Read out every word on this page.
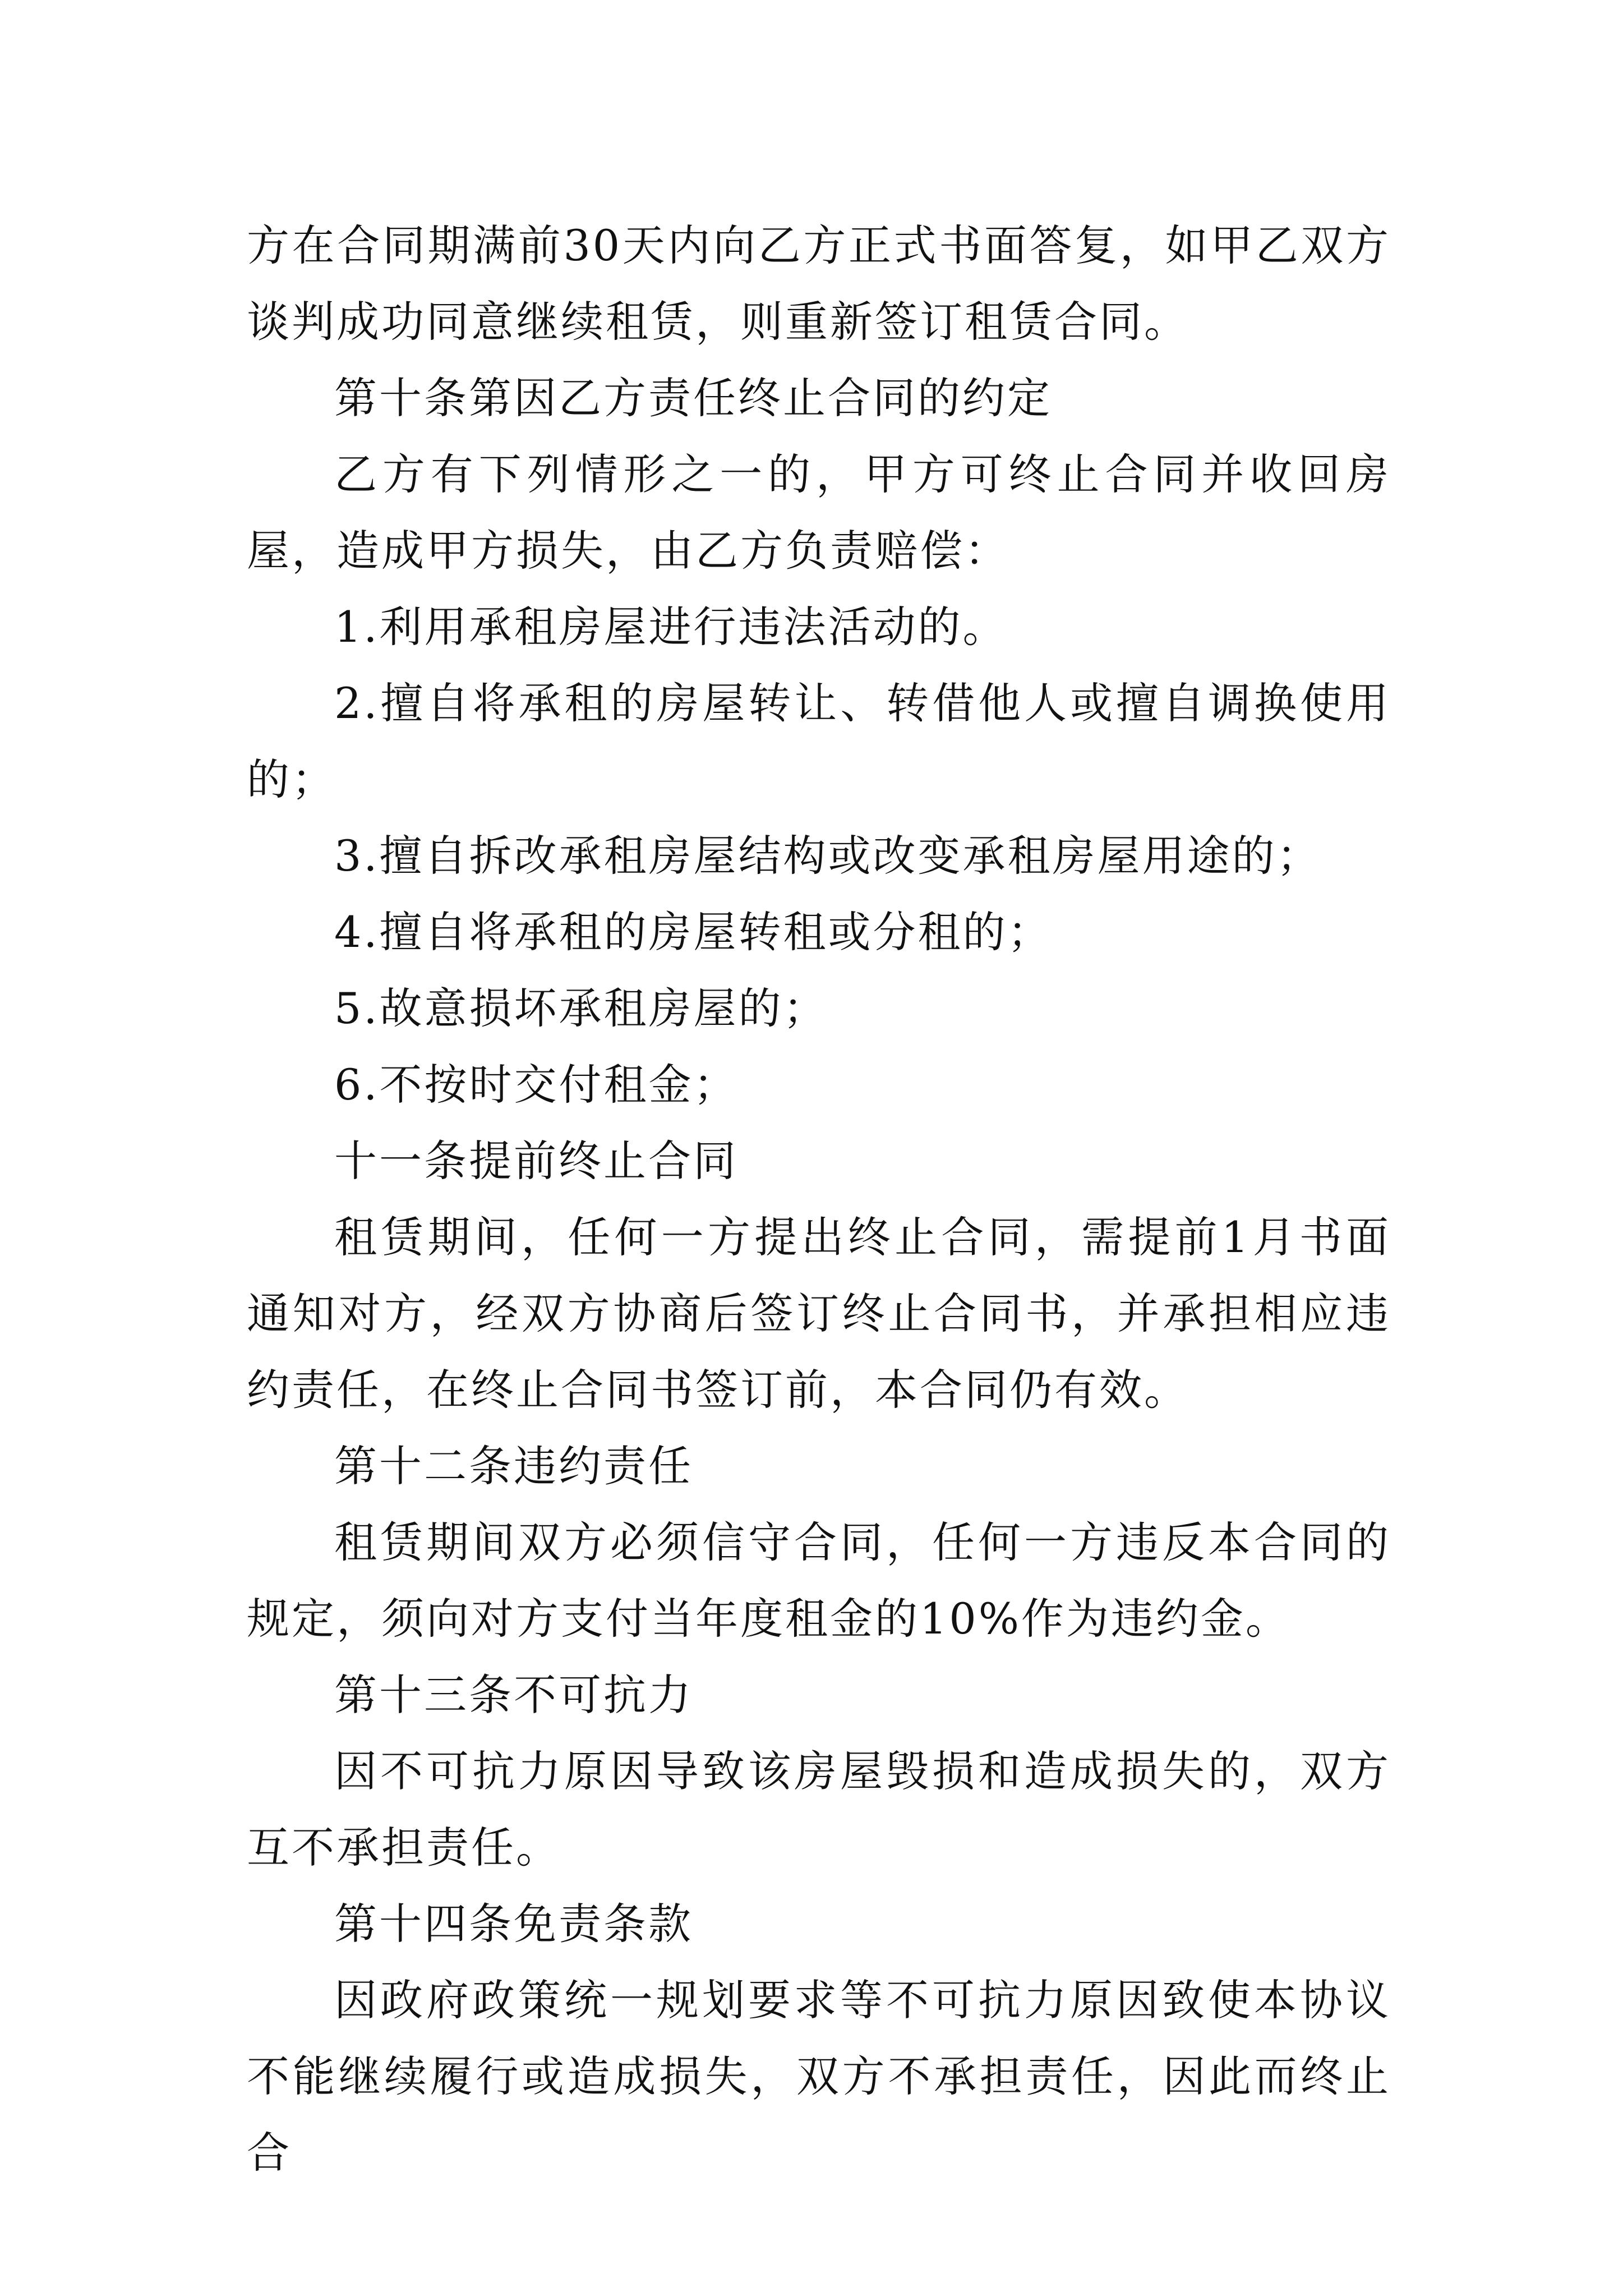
方在合同期满前30天内向乙方正式书面答复，如甲乙双方谈判成功同意继续租赁，则重新签订租赁合同。

第十条第因乙方责任终止合同的约定

乙方有下列情形之一的，甲方可终止合同并收回房屋，造成甲方损失，由乙方负责赔偿：

1.利用承租房屋进行违法活动的。

2.擅自将承租的房屋转让、转借他人或擅自调换使用的；

3.擅自拆改承租房屋结构或改变承租房屋用途的；

4.擅自将承租的房屋转租或分租的；

5.故意损坏承租房屋的；

6.不按时交付租金；

十一条提前终止合同

租赁期间，任何一方提出终止合同，需提前1月书面通知对方，经双方协商后签订终止合同书，并承担相应违约责任，在终止合同书签订前，本合同仍有效。

第十二条违约责任

租赁期间双方必须信守合同，任何一方违反本合同的规定，须向对方支付当年度租金的10%作为违约金。

第十三条不可抗力

因不可抗力原因导致该房屋毁损和造成损失的，双方互不承担责任。

第十四条免责条款

因政府政策统一规划要求等不可抗力原因致使本协议不能继续履行或造成损失，双方不承担责任，因此而终止合
